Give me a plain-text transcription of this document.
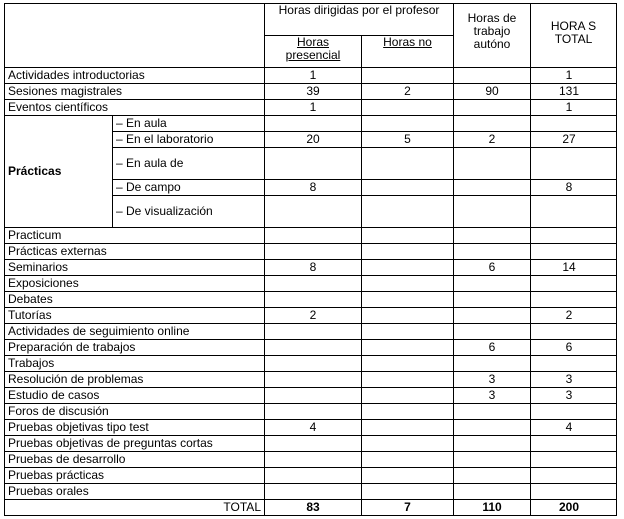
		Horas dirigidas por el profesor		Horas de trabajo autóno	HORA S TOTAL

		Horas presencial	Horas no		
Actividades introductorias		1			1
Sesiones magistrales		39	2	90	131
Eventos científicos		1			1
Prácticas	– En aula				
	– En el laboratorio	20	5	2	27
	– En aula de				
	– De campo	8			8
	– De visualización				
Practicum					
Prácticas externas					
Seminarios		8		6	14
Exposiciones					
Debates					
Tutorías		2			2
Actividades de seguimiento online					
Preparación de trabajos				6	6
Trabajos					
Resolución de problemas				3	3
Estudio de casos				3	3
Foros de discusión					
Pruebas objetivas tipo test		4			4
Pruebas objetivas de preguntas cortas					
Pruebas de desarrollo					
Pruebas prácticas					
Pruebas orales					
TOTAL		83	7	110	200
